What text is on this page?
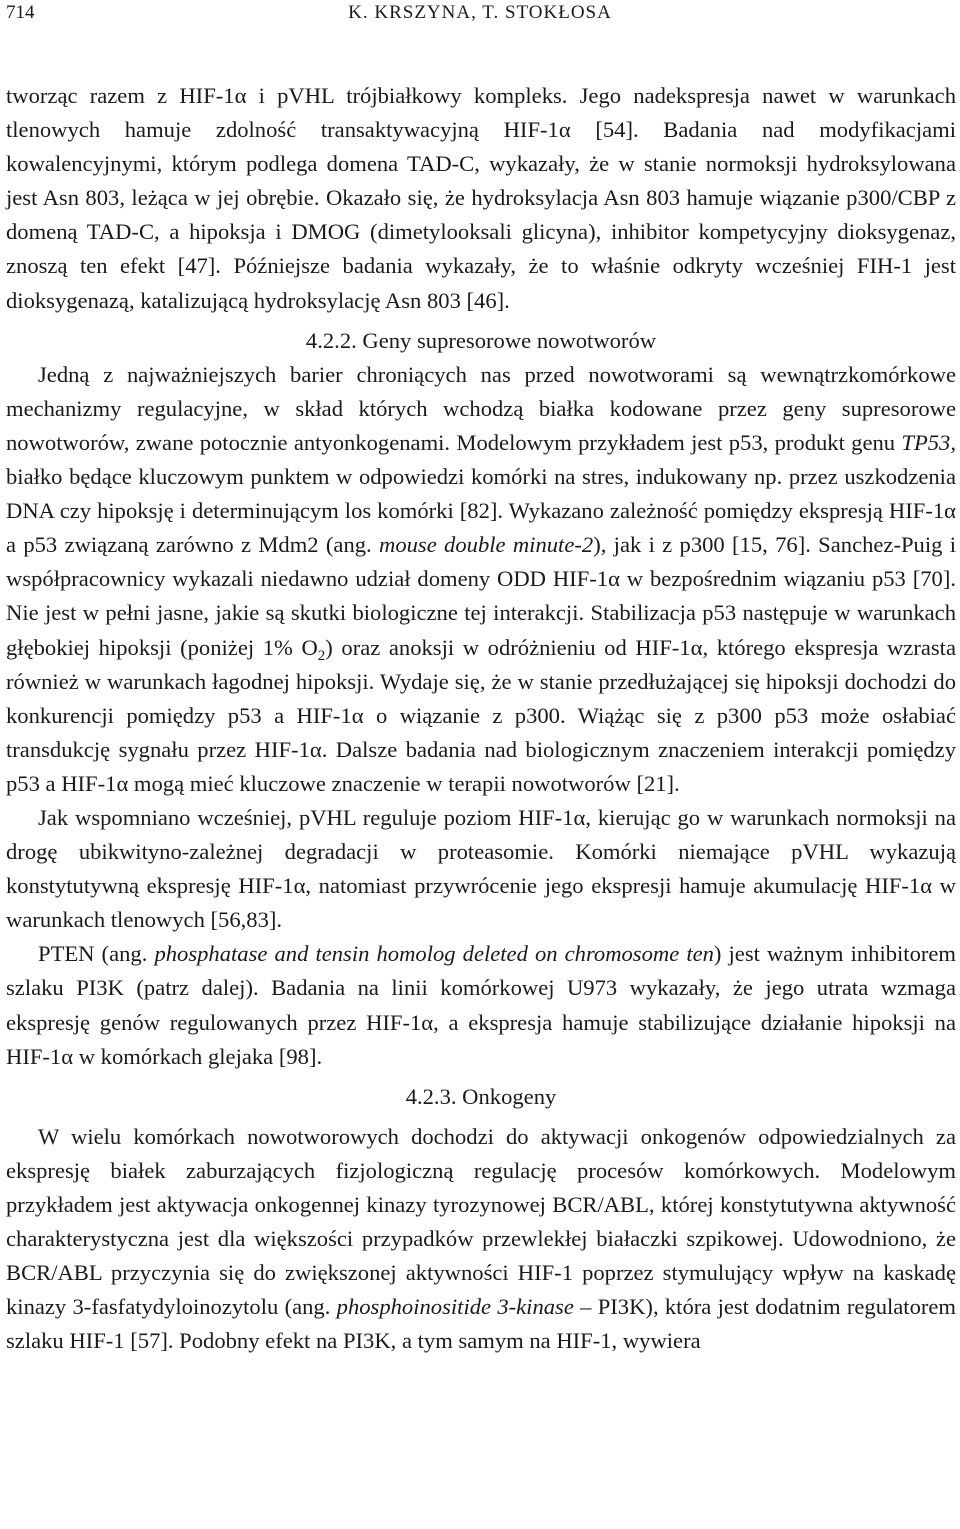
714	K. KRSZYNA, T. STOKŁOSA

tworząc razem z HIF-1α i pVHL trójbiałkowy kompleks. Jego nadekspresja nawet w warunkach tlenowych hamuje zdolność transaktywacyjną HIF-1α [54]. Badania nad modyfikacjami kowalencyjnymi, którym podlega domena TAD-C, wykazały, że w stanie normoksji hydroksylowana jest Asn 803, leżąca w jej obrębie. Okazało się, że hydroksylacja Asn 803 hamuje wiązanie p300/CBP z domeną TAD-C, a hipoksja i DMOG (dimetylooksali glicyna), inhibitor kompetycyjny dioksygenaz, znoszą ten efekt [47]. Późniejsze badania wykazały, że to właśnie odkryty wcześniej FIH-1 jest dioksygenazą, katalizującą hydroksylację Asn 803 [46].

4.2.2. Geny supresorowe nowotworów

Jedną z najważniejszych barier chroniących nas przed nowotworami są wewnątrzkomórkowe mechanizmy regulacyjne, w skład których wchodzą białka kodowane przez geny supresorowe nowotworów, zwane potocznie antyonkogenami. Modelowym przykładem jest p53, produkt genu TP53, białko będące kluczowym punktem w odpowiedzi komórki na stres, indukowany np. przez uszkodzenia DNA czy hipoksję i determinującym los komórki [82]. Wykazano zależność pomiędzy ekspresją HIF-1α a p53 związaną zarówno z Mdm2 (ang. mouse double minute-2), jak i z p300 [15, 76]. Sanchez-Puig i współpracownicy wykazali niedawno udział domeny ODD HIF-1α w bezpośrednim wiązaniu p53 [70]. Nie jest w pełni jasne, jakie są skutki biologiczne tej interakcji. Stabilizacja p53 następuje w warunkach głębokiej hipoksji (poniżej 1% $O_2$) oraz anoksji w odróżnieniu od HIF-1α, którego ekspresja wzrasta również w warunkach łagodnej hipoksji. Wydaje się, że w stanie przedłużającej się hipoksji dochodzi do konkurencji pomiędzy p53 a HIF-1α o wiązanie z p300. Wiążąc się z p300 p53 może osłabiać transdukcję sygnału przez HIF-1α. Dalsze badania nad biologicznym znaczeniem interakcji pomiędzy p53 a HIF-1α mogą mieć kluczowe znaczenie w terapii nowotworów [21].

Jak wspomniano wcześniej, pVHL reguluje poziom HIF-1α, kierując go w warunkach normoksji na drogę ubikwityno-zależnej degradacji w proteasomie. Komórki niemające pVHL wykazują konstytutywną ekspresję HIF-1α, natomiast przywrócenie jego ekspresji hamuje akumulację HIF-1α w warunkach tlenowych [56,83].

PTEN (ang. phosphatase and tensin homolog deleted on chromosome ten) jest ważnym inhibitorem szlaku PI3K (patrz dalej). Badania na linii komórkowej U973 wykazały, że jego utrata wzmaga ekspresję genów regulowanych przez HIF-1α, a ekspresja hamuje stabilizujące działanie hipoksji na HIF-1α w komórkach glejaka [98].

4.2.3. Onkogeny

W wielu komórkach nowotworowych dochodzi do aktywacji onkogenów odpowiedzialnych za ekspresję białek zaburzających fizjologiczną regulację procesów komórkowych. Modelowym przykładem jest aktywacja onkogennej kinazy tyrozynowej BCR/ABL, której konstytutywna aktywność charakterystyczna jest dla większości przypadków przewlekłej białaczki szpikowej. Udowodniono, że BCR/ABL przyczynia się do zwiększonej aktywności HIF-1 poprzez stymulujący wpływ na kaskadę kinazy 3-fasfatydyloinozytolu (ang. phosphoinositide 3-kinase – PI3K), która jest dodatnim regulatorem szlaku HIF-1 [57]. Podobny efekt na PI3K, a tym samym na HIF-1, wywiera
